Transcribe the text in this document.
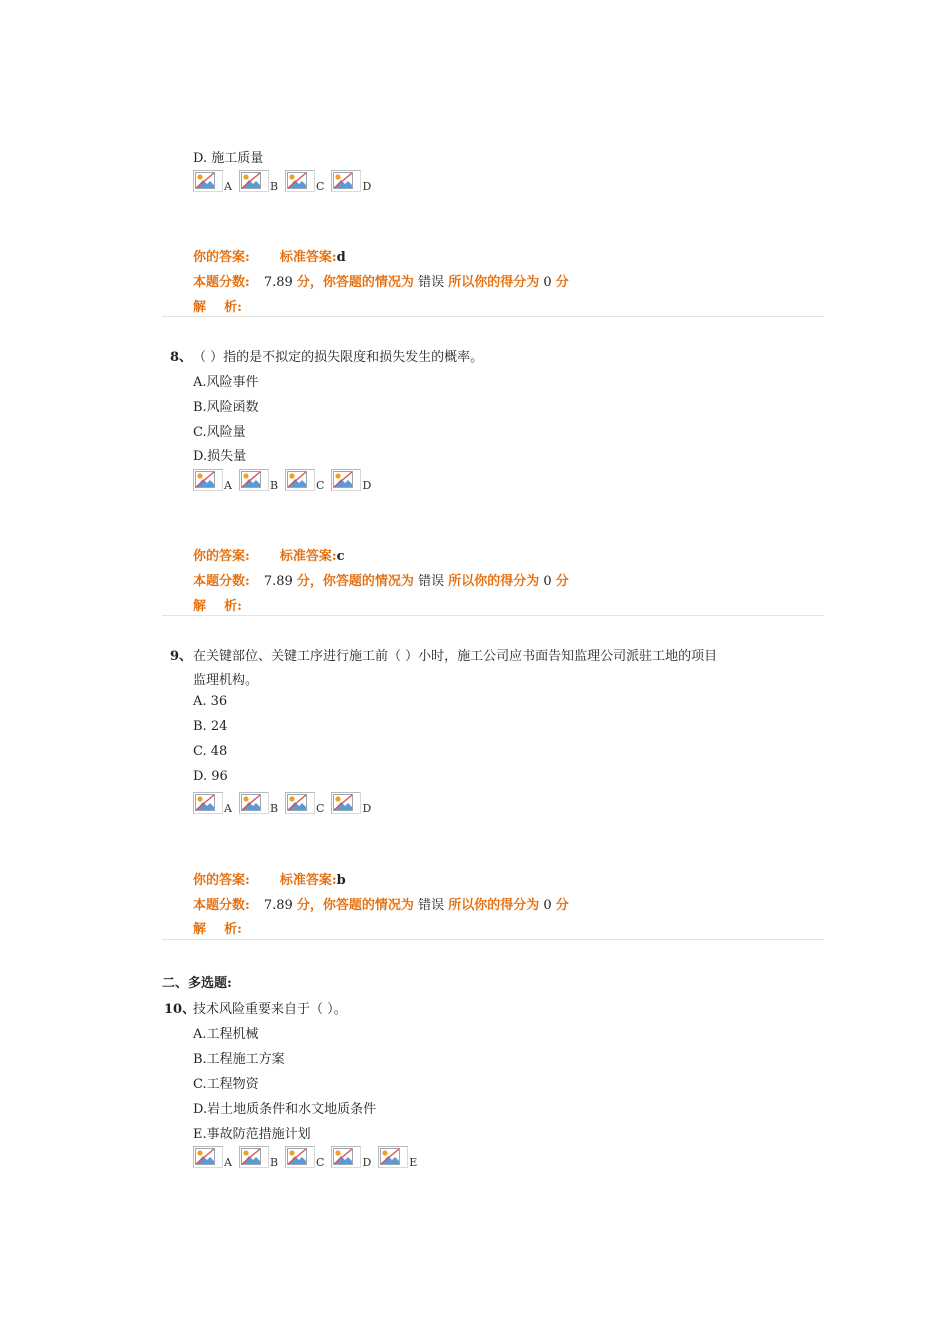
D. 施工质量
A	B	C	D
你的答案: 标准答案:d
本题分数: 7.89 分，你答题的情况为 错误 所以你的得分为 0 分
解    析:
8、 （ ）指的是不拟定的损失限度和损失发生的概率。
A.风险事件
B.风险函数
C.风险量
D.损失量
A	B	C	D
你的答案: 标准答案:c
本题分数: 7.89 分，你答题的情况为 错误 所以你的得分为 0 分
解    析:
9、 在关键部位、关键工序进行施工前（ ）小时，施工公司应书面告知监理公司派驻工地的项目
监理机构。
A. 36
B. 24
C. 48
D. 96
A	B	C	D
你的答案: 标准答案:b
本题分数: 7.89 分，你答题的情况为 错误 所以你的得分为 0 分
解    析:
二、多选题:
10、
技术风险重要来自于（ ）。
A.工程机械
B.工程施工方案
C.工程物资
D.岩土地质条件和水文地质条件
E.事故防范措施计划
A	B	C	D	E
